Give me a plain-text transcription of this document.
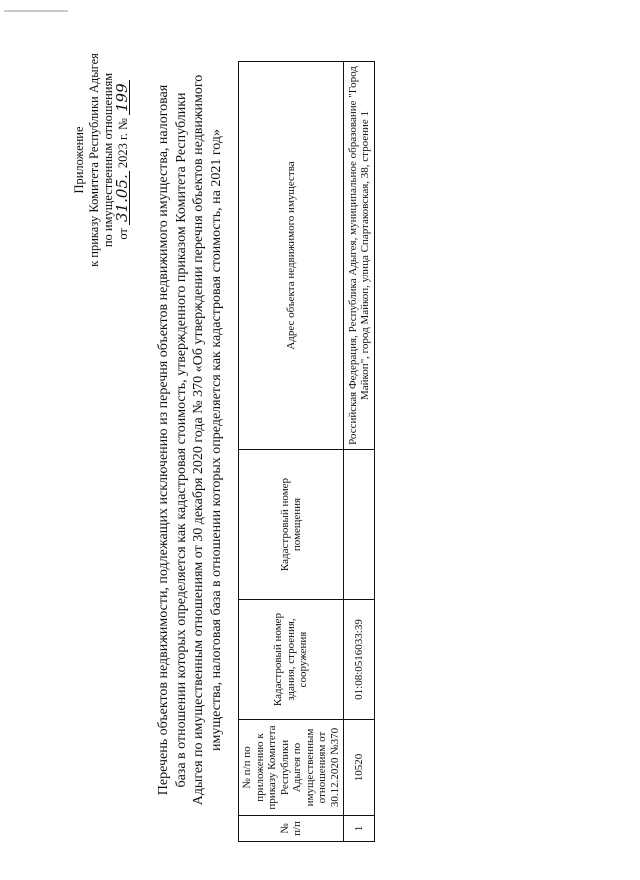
Приложение к приказу Комитета Республики Адыгея по имущественным отношениям от 31.05. 2023 г. № 199 Перечень объектов недвижимости, подлежащих исключению из перечня объектов недвижимого имущества, налоговая база в отношении которых определяется как кадастровая стоимость, утвержденного приказом Комитета Республики Адыгея по имущественным отношениям от 30 декабря 2020 года № 370 «Об утверждении перечня объектов недвижимого имущества, налоговая база в отношении которых определяется как кадастровая стоимость, на 2021 год»
№ п/п	№ п/п по приложению к приказу Комитета Республики Адыгея по имущественным отношениям от 30.12.2020 №370	Кадастровый номер здания, строения, сооружения	Кадастровый номер помещения	Адрес объекта недвижимого имущества
1	10520	01:08:0516033:39		Российская Федерация, Республика Адыгея, муниципальное образование "Город Майкоп", город Майкоп, улица Спартаковская, 38, строение 1
